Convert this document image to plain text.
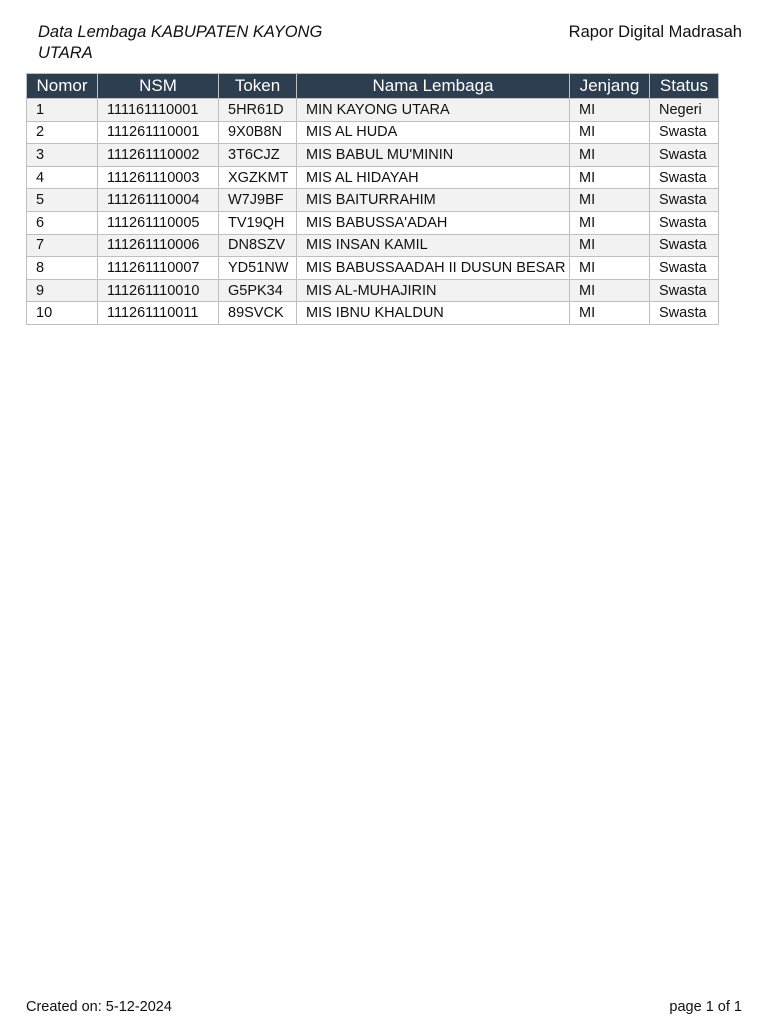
Data Lembaga KABUPATEN KAYONG UTARA
Rapor Digital Madrasah
Nomor	NSM	Token	Nama Lembaga	Jenjang	Status
1	111161110001	5HR61D	MIN KAYONG UTARA	MI	Negeri
2	111261110001	9X0B8N	MIS AL HUDA	MI	Swasta
3	111261110002	3T6CJZ	MIS BABUL MU'MININ	MI	Swasta
4	111261110003	XGZKMT	MIS AL HIDAYAH	MI	Swasta
5	111261110004	W7J9BF	MIS BAITURRAHIM	MI	Swasta
6	111261110005	TV19QH	MIS BABUSSA'ADAH	MI	Swasta
7	111261110006	DN8SZV	MIS INSAN KAMIL	MI	Swasta
8	111261110007	YD51NW	MIS BABUSSAADAH II DUSUN BESAR	MI	Swasta
9	111261110010	G5PK34	MIS AL-MUHAJIRIN	MI	Swasta
10	111261110011	89SVCK	MIS IBNU KHALDUN	MI	Swasta
Created on: 5-12-2024	page 1 of 1
